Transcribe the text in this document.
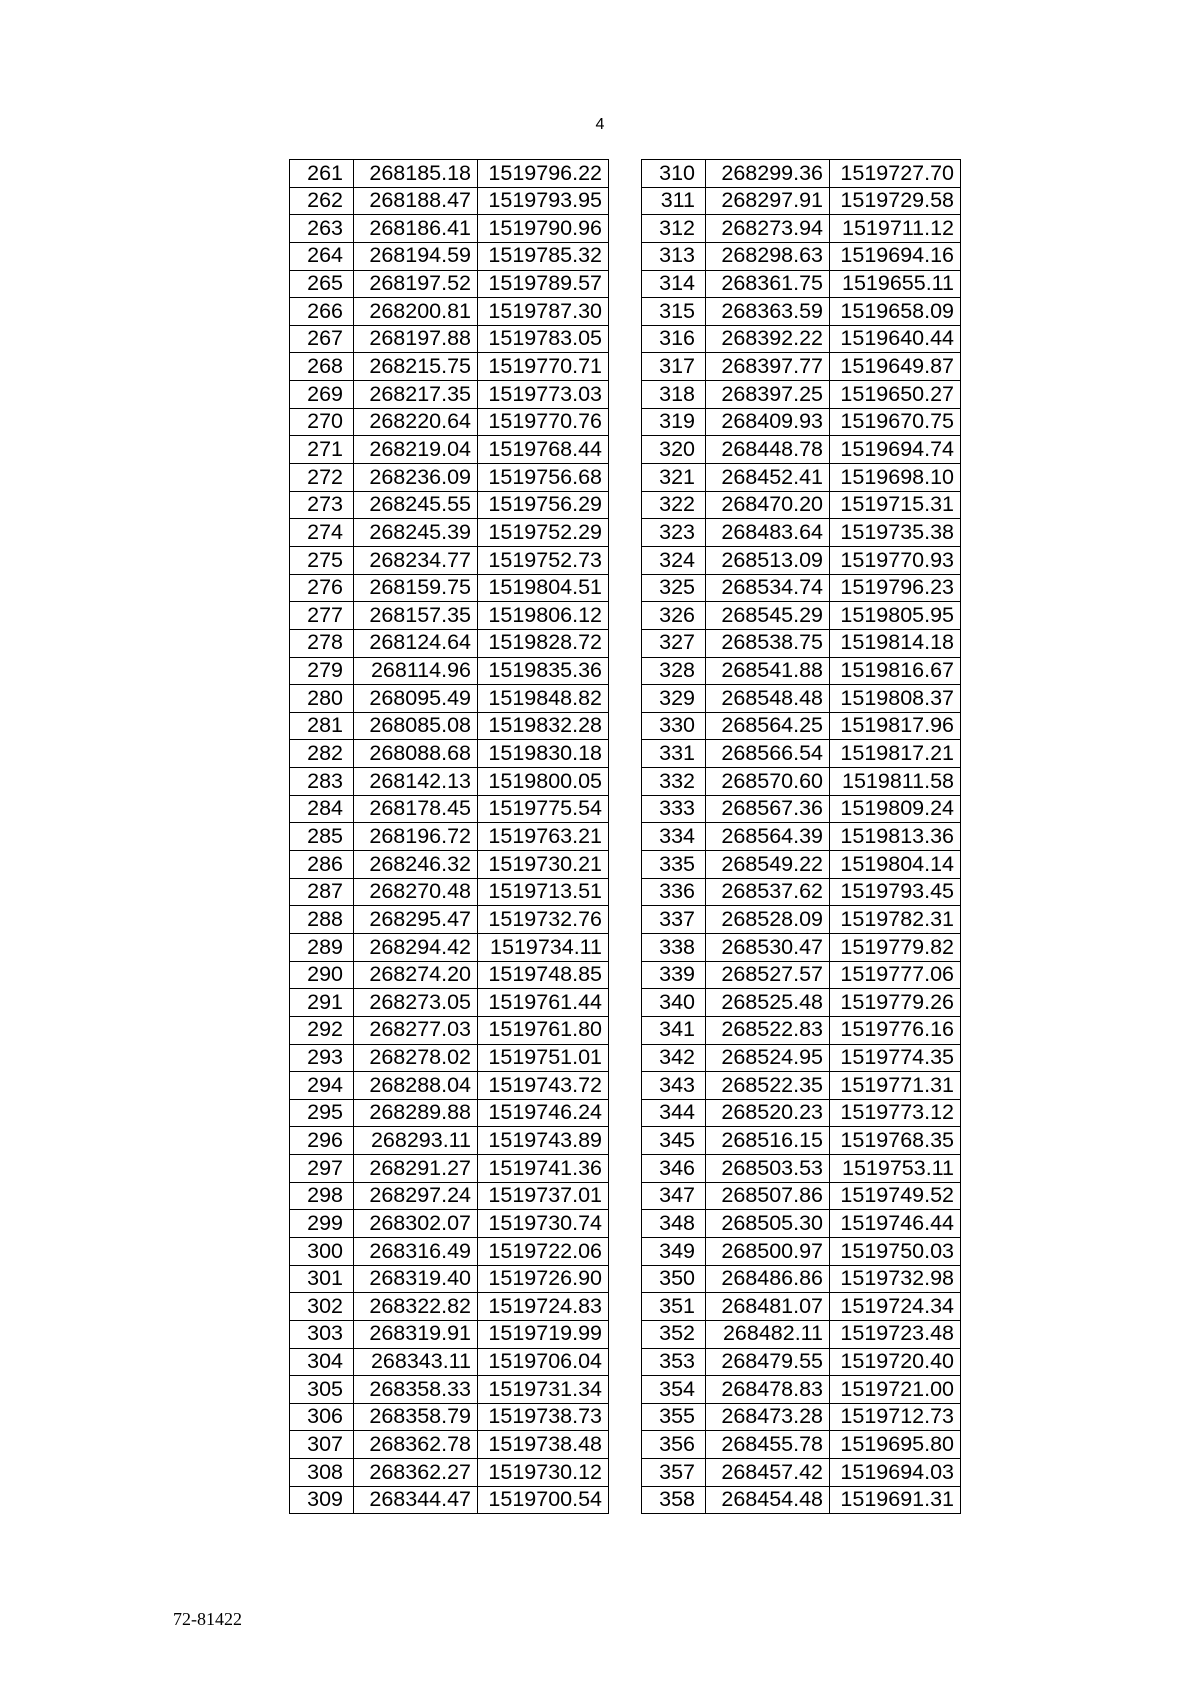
4
261	268185.18	1519796.22
262	268188.47	1519793.95
263	268186.41	1519790.96
264	268194.59	1519785.32
265	268197.52	1519789.57
266	268200.81	1519787.30
267	268197.88	1519783.05
268	268215.75	1519770.71
269	268217.35	1519773.03
270	268220.64	1519770.76
271	268219.04	1519768.44
272	268236.09	1519756.68
273	268245.55	1519756.29
274	268245.39	1519752.29
275	268234.77	1519752.73
276	268159.75	1519804.51
277	268157.35	1519806.12
278	268124.64	1519828.72
279	268114.96	1519835.36
280	268095.49	1519848.82
281	268085.08	1519832.28
282	268088.68	1519830.18
283	268142.13	1519800.05
284	268178.45	1519775.54
285	268196.72	1519763.21
286	268246.32	1519730.21
287	268270.48	1519713.51
288	268295.47	1519732.76
289	268294.42	1519734.11
290	268274.20	1519748.85
291	268273.05	1519761.44
292	268277.03	1519761.80
293	268278.02	1519751.01
294	268288.04	1519743.72
295	268289.88	1519746.24
296	268293.11	1519743.89
297	268291.27	1519741.36
298	268297.24	1519737.01
299	268302.07	1519730.74
300	268316.49	1519722.06
301	268319.40	1519726.90
302	268322.82	1519724.83
303	268319.91	1519719.99
304	268343.11	1519706.04
305	268358.33	1519731.34
306	268358.79	1519738.73
307	268362.78	1519738.48
308	268362.27	1519730.12
309	268344.47	1519700.54
310	268299.36	1519727.70
311	268297.91	1519729.58
312	268273.94	1519711.12
313	268298.63	1519694.16
314	268361.75	1519655.11
315	268363.59	1519658.09
316	268392.22	1519640.44
317	268397.77	1519649.87
318	268397.25	1519650.27
319	268409.93	1519670.75
320	268448.78	1519694.74
321	268452.41	1519698.10
322	268470.20	1519715.31
323	268483.64	1519735.38
324	268513.09	1519770.93
325	268534.74	1519796.23
326	268545.29	1519805.95
327	268538.75	1519814.18
328	268541.88	1519816.67
329	268548.48	1519808.37
330	268564.25	1519817.96
331	268566.54	1519817.21
332	268570.60	1519811.58
333	268567.36	1519809.24
334	268564.39	1519813.36
335	268549.22	1519804.14
336	268537.62	1519793.45
337	268528.09	1519782.31
338	268530.47	1519779.82
339	268527.57	1519777.06
340	268525.48	1519779.26
341	268522.83	1519776.16
342	268524.95	1519774.35
343	268522.35	1519771.31
344	268520.23	1519773.12
345	268516.15	1519768.35
346	268503.53	1519753.11
347	268507.86	1519749.52
348	268505.30	1519746.44
349	268500.97	1519750.03
350	268486.86	1519732.98
351	268481.07	1519724.34
352	268482.11	1519723.48
353	268479.55	1519720.40
354	268478.83	1519721.00
355	268473.28	1519712.73
356	268455.78	1519695.80
357	268457.42	1519694.03
358	268454.48	1519691.31
72-81422
